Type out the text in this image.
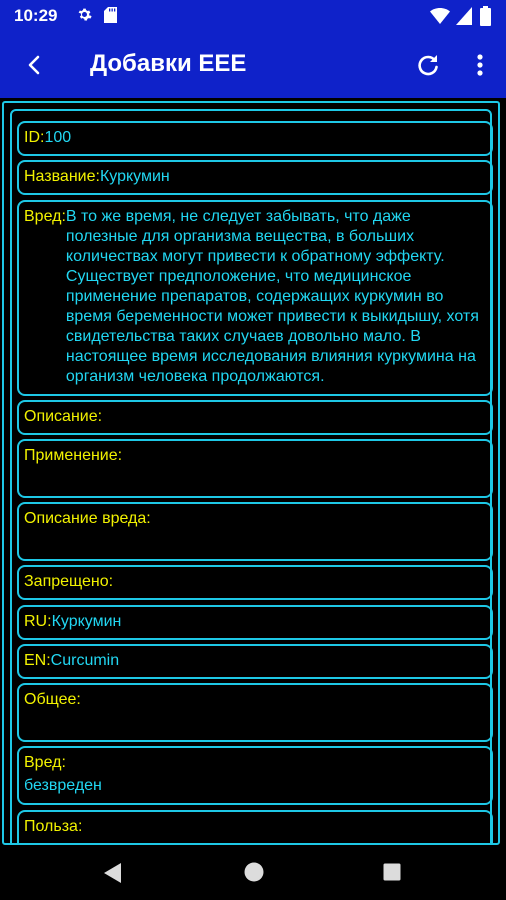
10:29
Добавки EEE
ID:100
Название:Куркумин
Вред: В то же время, не следует забывать, что даже полезные для организма вещества, в больших количествах могут привести к обратному эффекту. Существует предположение, что медицинское применение препаратов, содержащих куркумин во время беременности может привести к выкидышу, хотя свидетельства таких случаев довольно мало. В настоящее время исследования влияния куркумина на организм человека продолжаются.
Описание:
Применение:
Описание вреда:
Запрещено:
RU:Куркумин
EN:Curcumin
Общее:
Вред:
безвреден
Польза:
